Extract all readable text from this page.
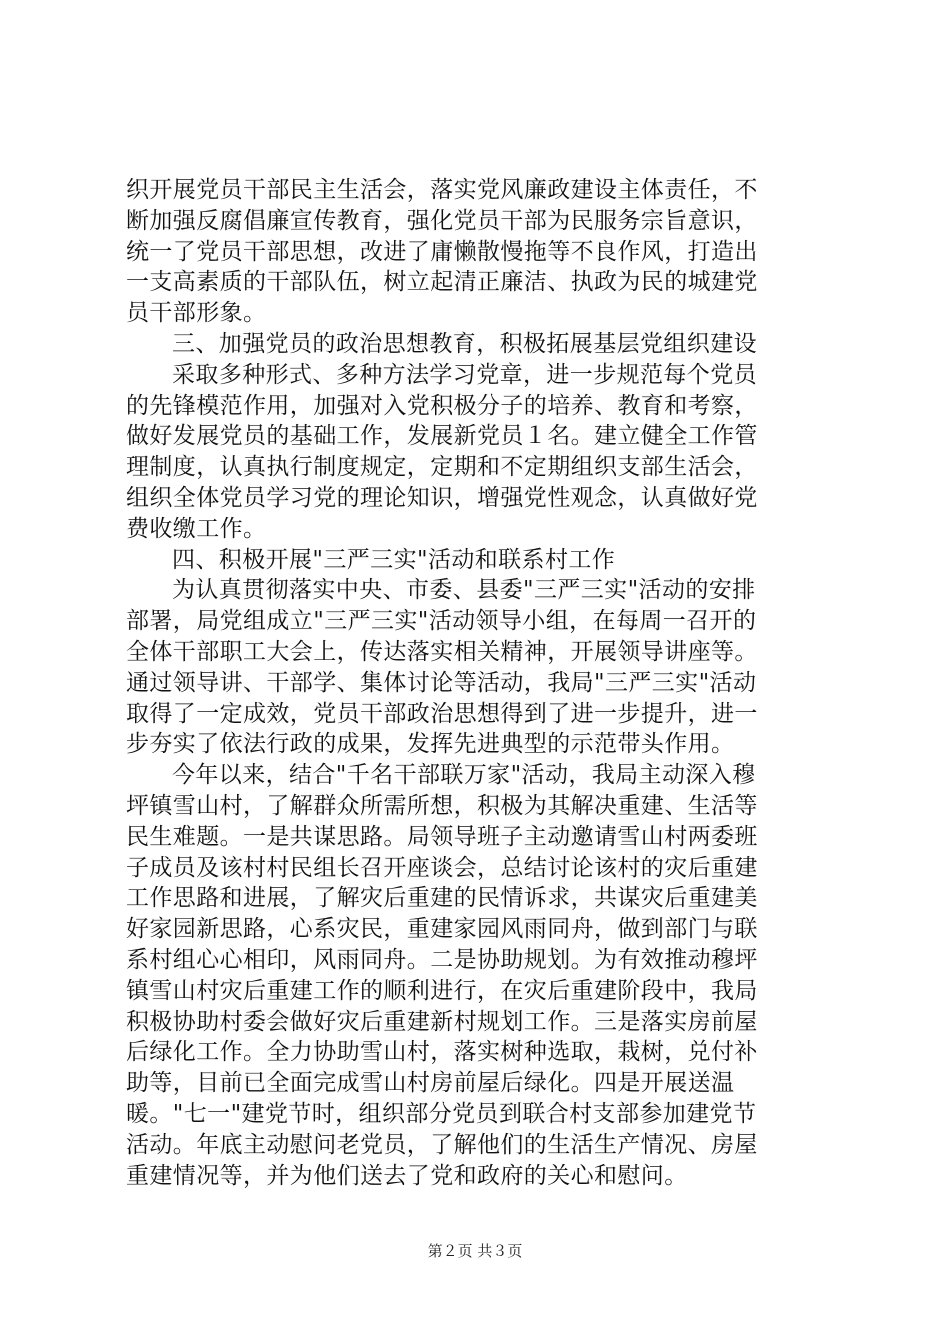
织开展党员干部民主生活会，落实党风廉政建设主体责任，不
断加强反腐倡廉宣传教育，强化党员干部为民服务宗旨意识，
统一了党员干部思想，改进了庸懒散慢拖等不良作风，打造出
一支高素质的干部队伍，树立起清正廉洁、执政为民的城建党
员干部形象。
三、加强党员的政治思想教育，积极拓展基层党组织建设
采取多种形式、多种方法学习党章，进一步规范每个党员
的先锋模范作用，加强对入党积极分子的培养、教育和考察，
做好发展党员的基础工作，发展新党员１名。建立健全工作管
理制度，认真执行制度规定，定期和不定期组织支部生活会，
组织全体党员学习党的理论知识，增强党性观念，认真做好党
费收缴工作。
四、积极开展"三严三实"活动和联系村工作
为认真贯彻落实中央、市委、县委"三严三实"活动的安排
部署，局党组成立"三严三实"活动领导小组，在每周一召开的
全体干部职工大会上，传达落实相关精神，开展领导讲座等。
通过领导讲、干部学、集体讨论等活动，我局"三严三实"活动
取得了一定成效，党员干部政治思想得到了进一步提升，进一
步夯实了依法行政的成果，发挥先进典型的示范带头作用。
今年以来，结合"千名干部联万家"活动，我局主动深入穆
坪镇雪山村，了解群众所需所想，积极为其解决重建、生活等
民生难题。一是共谋思路。局领导班子主动邀请雪山村两委班
子成员及该村村民组长召开座谈会，总结讨论该村的灾后重建
工作思路和进展，了解灾后重建的民情诉求，共谋灾后重建美
好家园新思路，心系灾民，重建家园风雨同舟，做到部门与联
系村组心心相印，风雨同舟。二是协助规划。为有效推动穆坪
镇雪山村灾后重建工作的顺利进行，在灾后重建阶段中，我局
积极协助村委会做好灾后重建新村规划工作。三是落实房前屋
后绿化工作。全力协助雪山村，落实树种选取，栽树，兑付补
助等，目前已全面完成雪山村房前屋后绿化。四是开展送温
暖。"七一"建党节时，组织部分党员到联合村支部参加建党节
活动。年底主动慰问老党员，了解他们的生活生产情况、房屋
重建情况等，并为他们送去了党和政府的关心和慰问。
第２页 共３页
